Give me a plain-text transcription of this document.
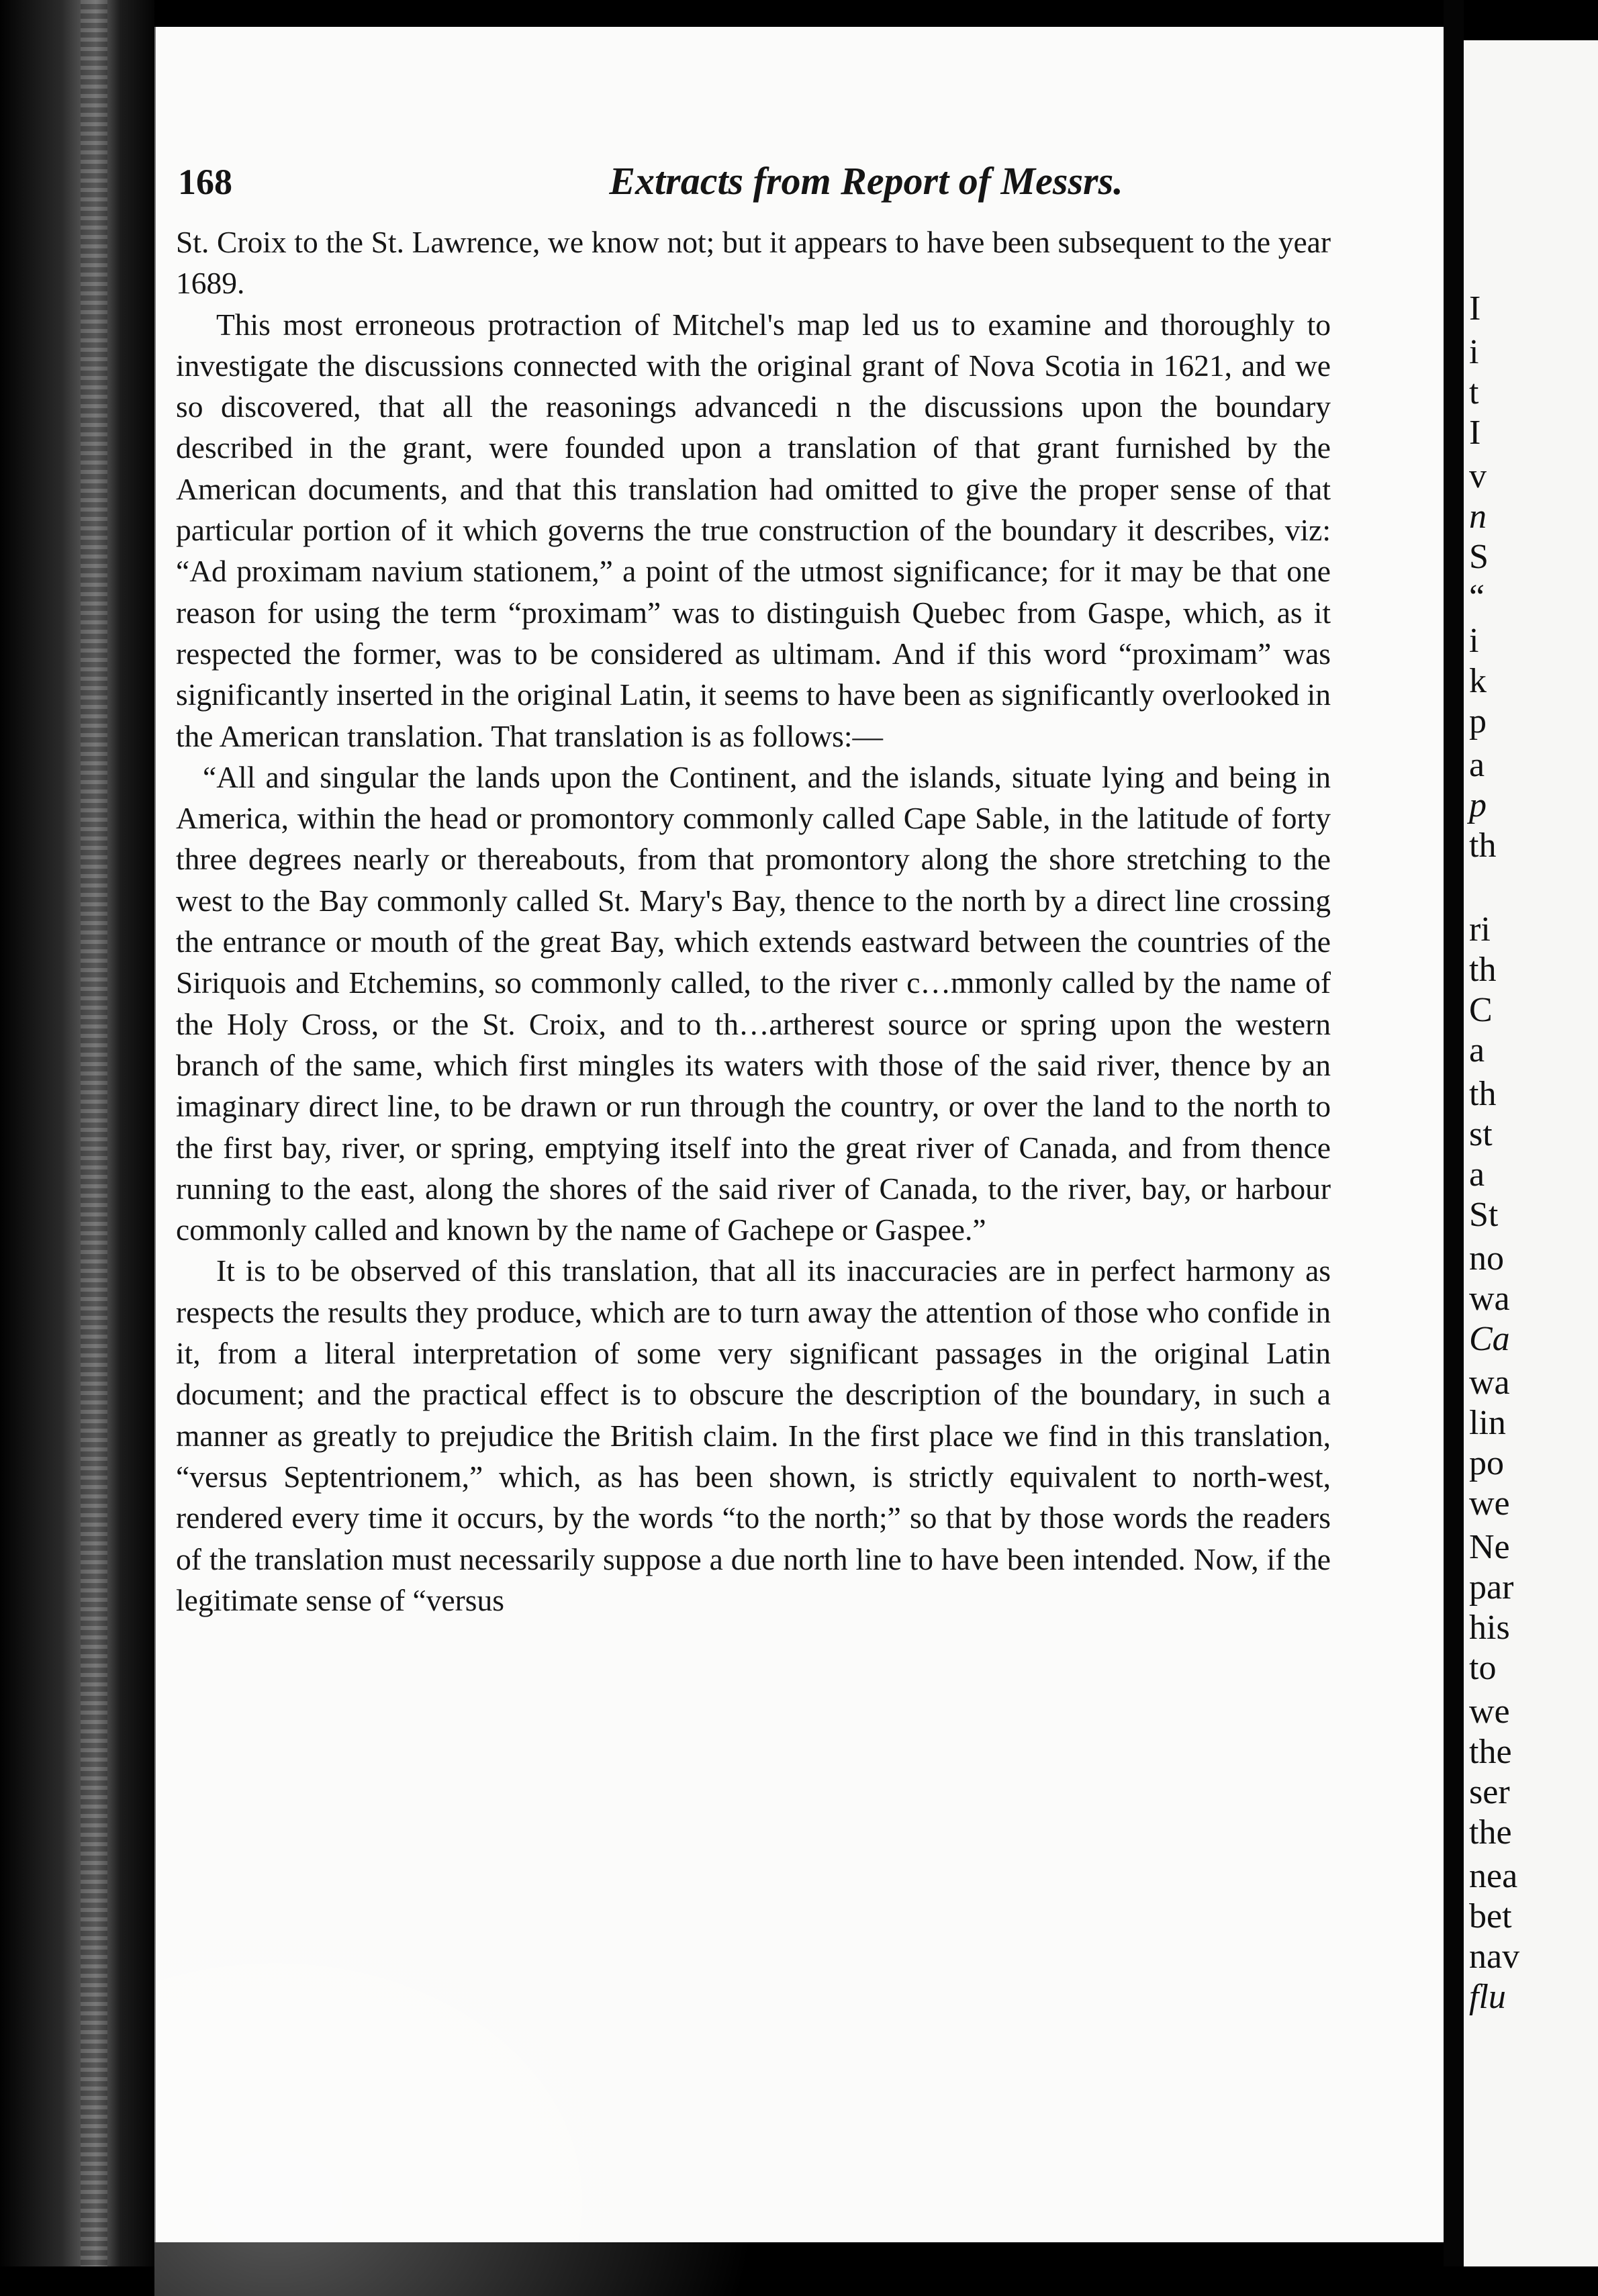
I
i
t
I
v
n
S
“
i
k
p
a
p
th
ri
th
C
a
th
st
a
St
no
wa
Ca
wa
lin
po
we
Ne
par
his
to
we
the
ser
the
nea
bet
nav
flu
168	Extracts from Report of Messrs.

St. Croix to the St. Lawrence, we know not; but it appears to have been subsequent to the year 1689.

This most erroneous protraction of Mitchel's map led us to examine and thoroughly to investigate the discussions connected with the original grant of Nova Scotia in 1621, and we so discovered, that all the reasonings advancedi n the discussions upon the boundary described in the grant, were founded upon a translation of that grant furnished by the American documents, and that this translation had omitted to give the proper sense of that particular portion of it which governs the true construction of the boundary it describes, viz: “Ad proximam navium stationem,” a point of the utmost significance; for it may be that one reason for using the term “proximam” was to distinguish Quebec from Gaspe, which, as it respected the former, was to be considered as ultimam. And if this word “proximam” was significantly inserted in the original Latin, it seems to have been as significantly overlooked in the American translation. That translation is as follows:—

“All and singular the lands upon the Continent, and the islands, situate lying and being in America, within the head or promontory commonly called Cape Sable, in the latitude of forty three degrees nearly or thereabouts, from that promontory along the shore stretching to the west to the Bay commonly called St. Mary's Bay, thence to the north by a direct line crossing the entrance or mouth of the great Bay, which extends eastward between the countries of the Siriquois and Etchemins, so commonly called, to the river c…mmonly called by the name of the Holy Cross, or the St. Croix, and to th…artherest source or spring upon the western branch of the same, which first mingles its waters with those of the said river, thence by an imaginary direct line, to be drawn or run through the country, or over the land to the north to the first bay, river, or spring, emptying itself into the great river of Canada, and from thence running to the east, along the shores of the said river of Canada, to the river, bay, or harbour commonly called and known by the name of Gachepe or Gaspee.”

It is to be observed of this translation, that all its inaccuracies are in perfect harmony as respects the results they produce, which are to turn away the attention of those who confide in it, from a literal interpretation of some very significant passages in the original Latin document; and the practical effect is to obscure the description of the boundary, in such a manner as greatly to prejudice the British claim. In the first place we find in this translation, “versus Septentrionem,” which, as has been shown, is strictly equivalent to north-west, rendered every time it occurs, by the words “to the north;” so that by those words the readers of the translation must necessarily suppose a due north line to have been intended. Now, if the legitimate sense of “versus
